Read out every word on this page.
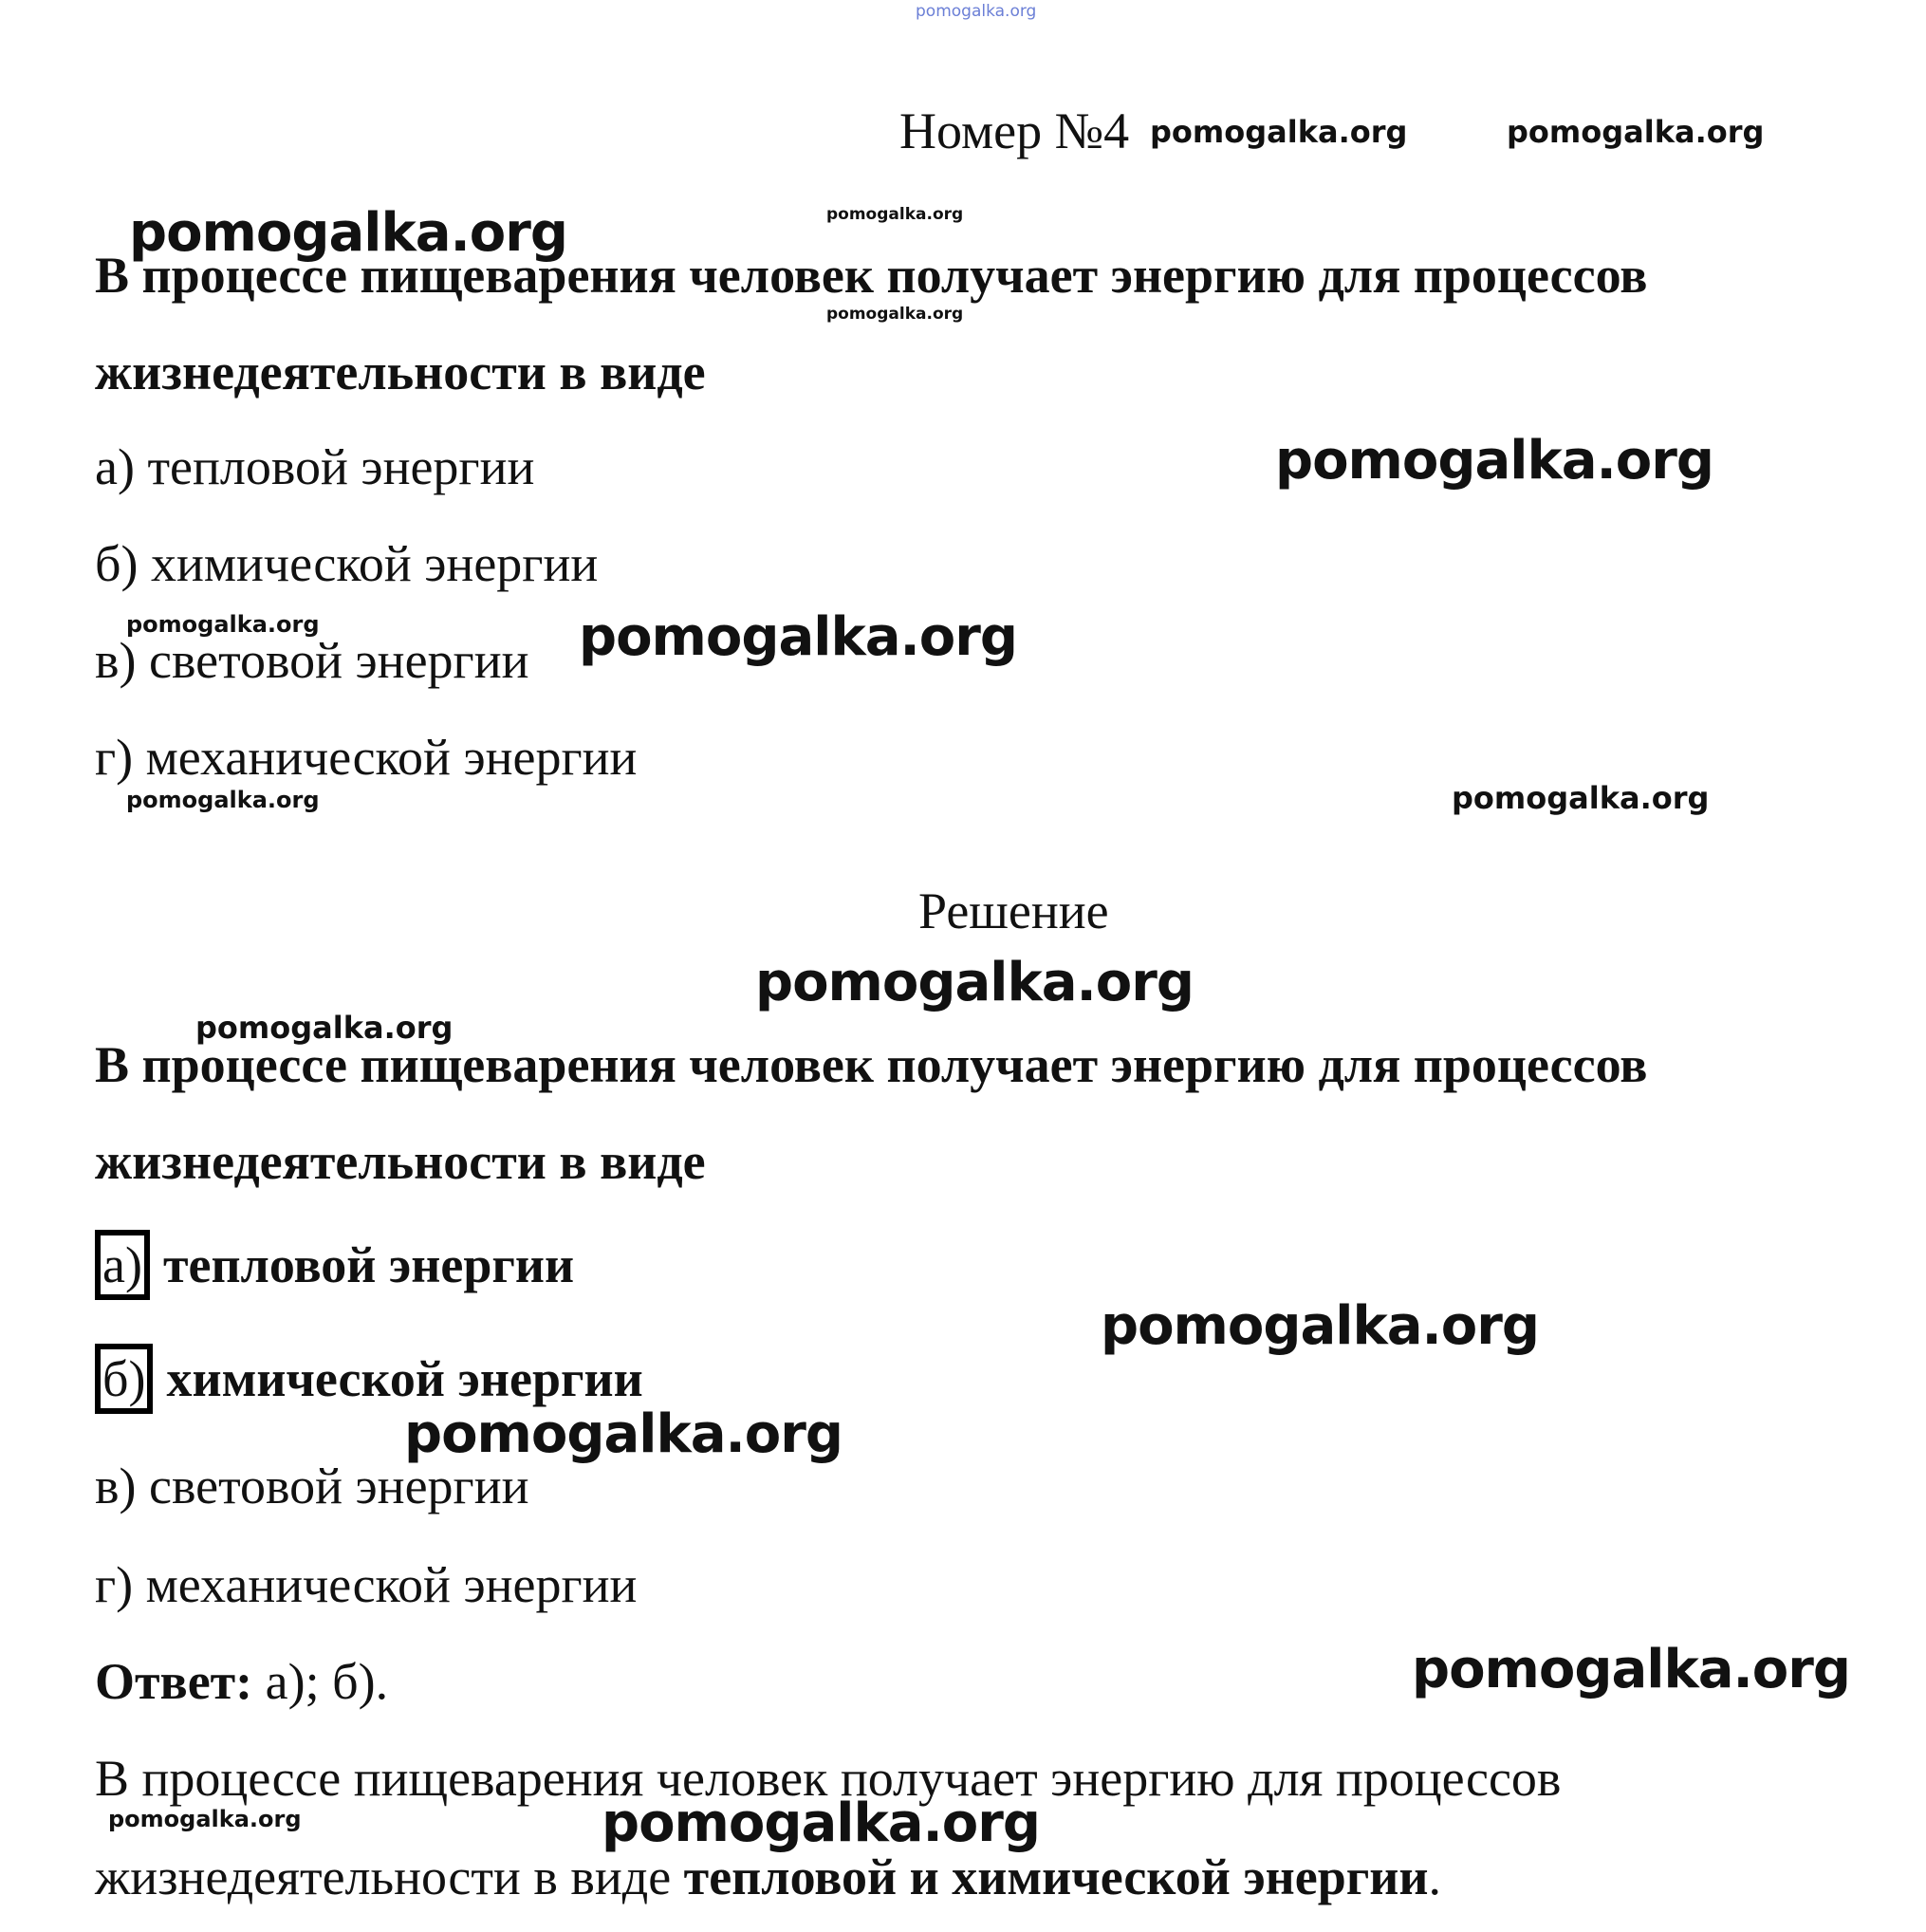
pomogalka.org
Номер №4 pomogalka.org	pomogalka.org
pomogalka.org	pomogalka.org

В процессе пищеварения человек получает энергию для процессов

pomogalka.org

жизнедеятельности в виде

а) тепловой энергии	pomogalka.org

б) химической энергии

pomogalka.org

в) световой энергии pomogalka.org

г) механической энергии

pomogalka.org	pomogalka.org
Решение
pomogalka.org
pomogalka.org

В процессе пищеварения человек получает энергию для процессов

жизнедеятельности в виде

а) тепловой энергии

pomogalka.org

б) химической энергии

pomogalka.org

в) световой энергии

г) механической энергии

Ответ: а); б).	pomogalka.org

В процессе пищеварения человек получает энергию для процессов

pomogalka.org	pomogalka.org

жизнедеятельности в виде тепловой и химической энергии.
